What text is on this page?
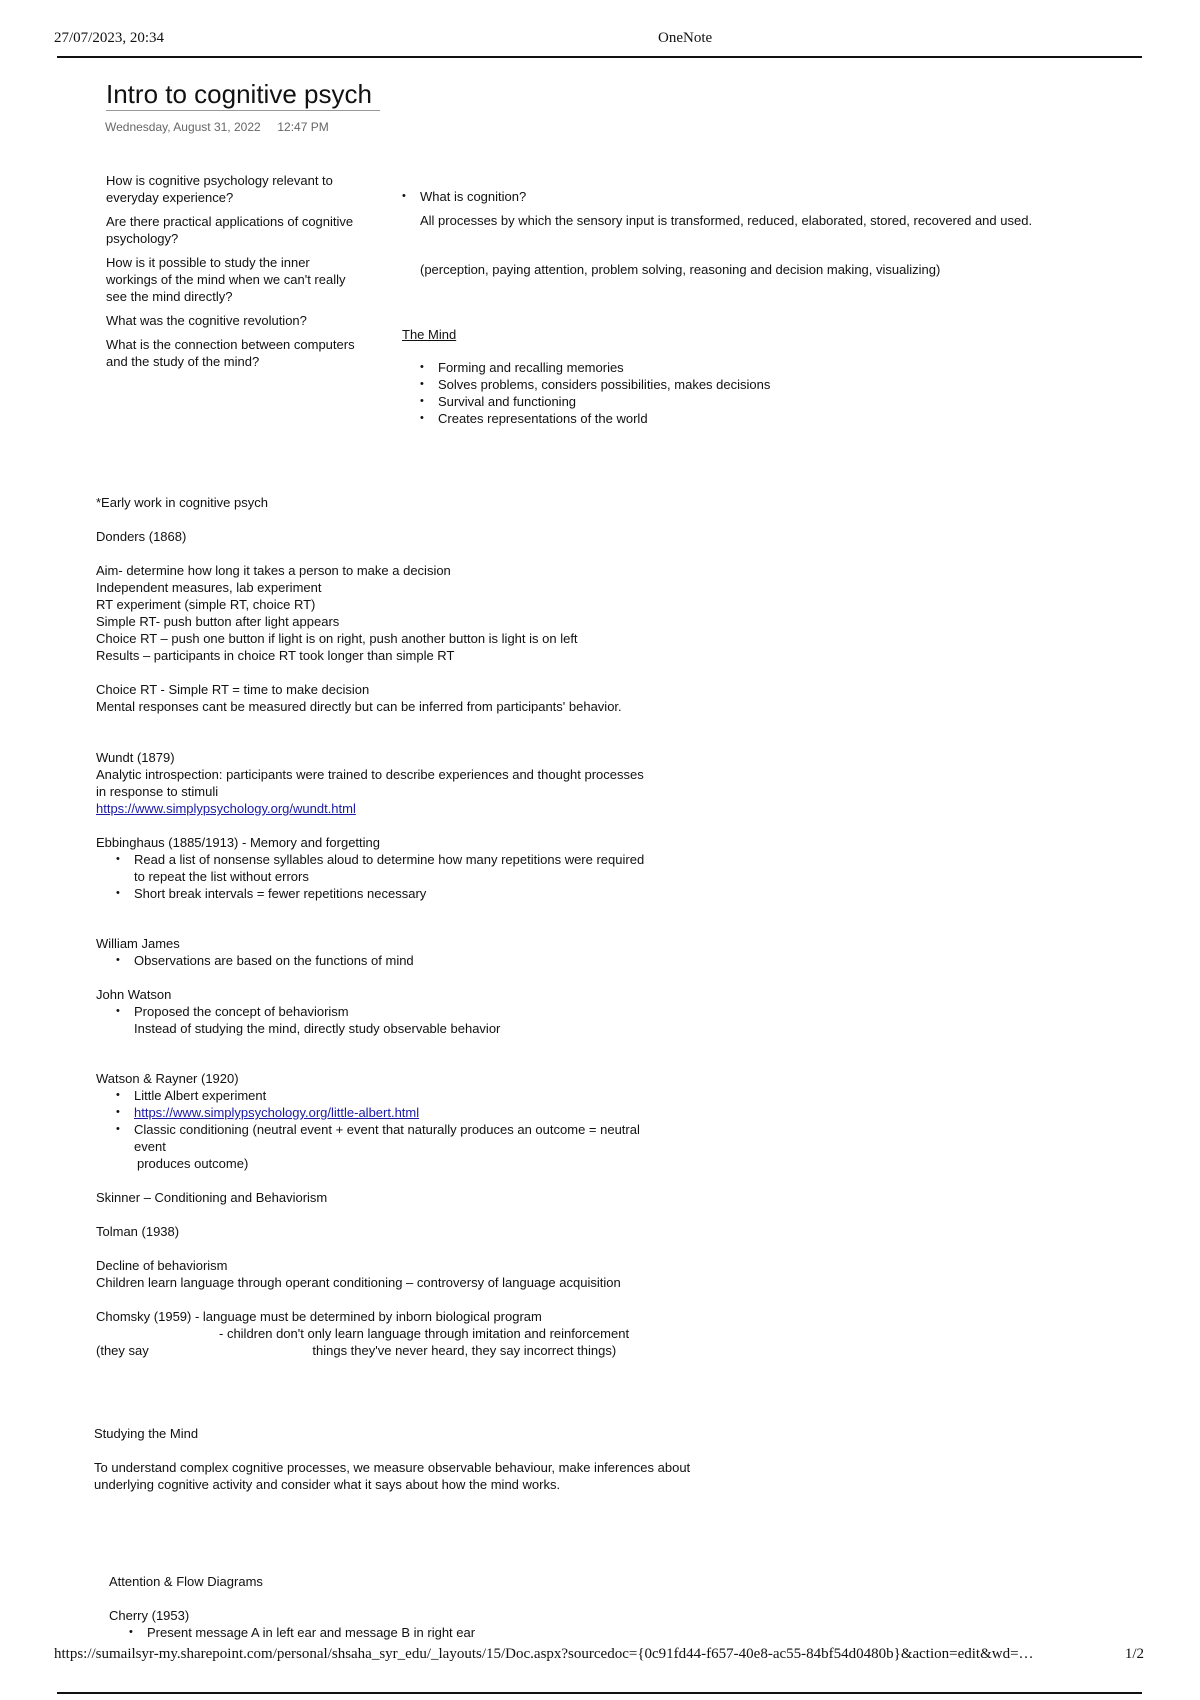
27/07/2023, 20:34	OneNote
Intro to cognitive psych
Wednesday, August 31, 2022 12:47 PM

How is cognitive psychology relevant to everyday experience?

Are there practical applications of cognitive psychology?

How is it possible to study the inner workings of the mind when we can't really see the mind directly?

What was the cognitive revolution?

What is the connection between computers and the study of the mind?

• What is cognition?
All processes by which the sensory input is transformed, reduced, elaborated, stored, recovered and used.
(perception, paying attention, problem solving, reasoning and decision making, visualizing)
The Mind
• Forming and recalling memories
• Solves problems, considers possibilities, makes decisions
• Survival and functioning
• Creates representations of the world

*Early work in cognitive psych

Donders (1868)

Aim- determine how long it takes a person to make a decision

Independent measures, lab experiment

RT experiment (simple RT, choice RT)

Simple RT- push button after light appears

Choice RT – push one button if light is on right, push another button is light is on left

Results – participants in choice RT took longer than simple RT

Choice RT - Simple RT = time to make decision

Mental responses cant be measured directly but can be inferred from participants' behavior.

Wundt (1879)

Analytic introspection: participants were trained to describe experiences and thought processes

in response to stimuli

https://www.simplypsychology.org/wundt.html

Ebbinghaus (1885/1913) - Memory and forgetting

• Read a list of nonsense syllables aloud to determine how many repetitions were required

to repeat the list without errors

• Short break intervals = fewer repetitions necessary

William James

• Observations are based on the functions of mind

John Watson

• Proposed the concept of behaviorism

Instead of studying the mind, directly study observable behavior

Watson & Rayner (1920)

• Little Albert experiment

• https://www.simplypsychology.org/little-albert.html

• Classic conditioning (neutral event + event that naturally produces an outcome = neutral

event

produces outcome)

Skinner – Conditioning and Behaviorism

Tolman (1938)

Decline of behaviorism

Children learn language through operant conditioning – controversy of language acquisition

Chomsky (1959) - language must be determined by inborn biological program

- children don't only learn language through imitation and reinforcement

(they say	things they've never heard, they say incorrect things)

Studying the Mind

To understand complex cognitive processes, we measure observable behaviour, make inferences about underlying cognitive activity and consider what it says about how the mind works.

Attention & Flow Diagrams

Cherry (1953)

• Present message A in left ear and message B in right ear

https://sumailsyr-my.sharepoint.com/personal/shsaha_syr_edu/_layouts/15/Doc.aspx?sourcedoc={0c91fd44-f657-40e8-ac55-84bf54d0480b}&action=edit&wd=…	1/2
